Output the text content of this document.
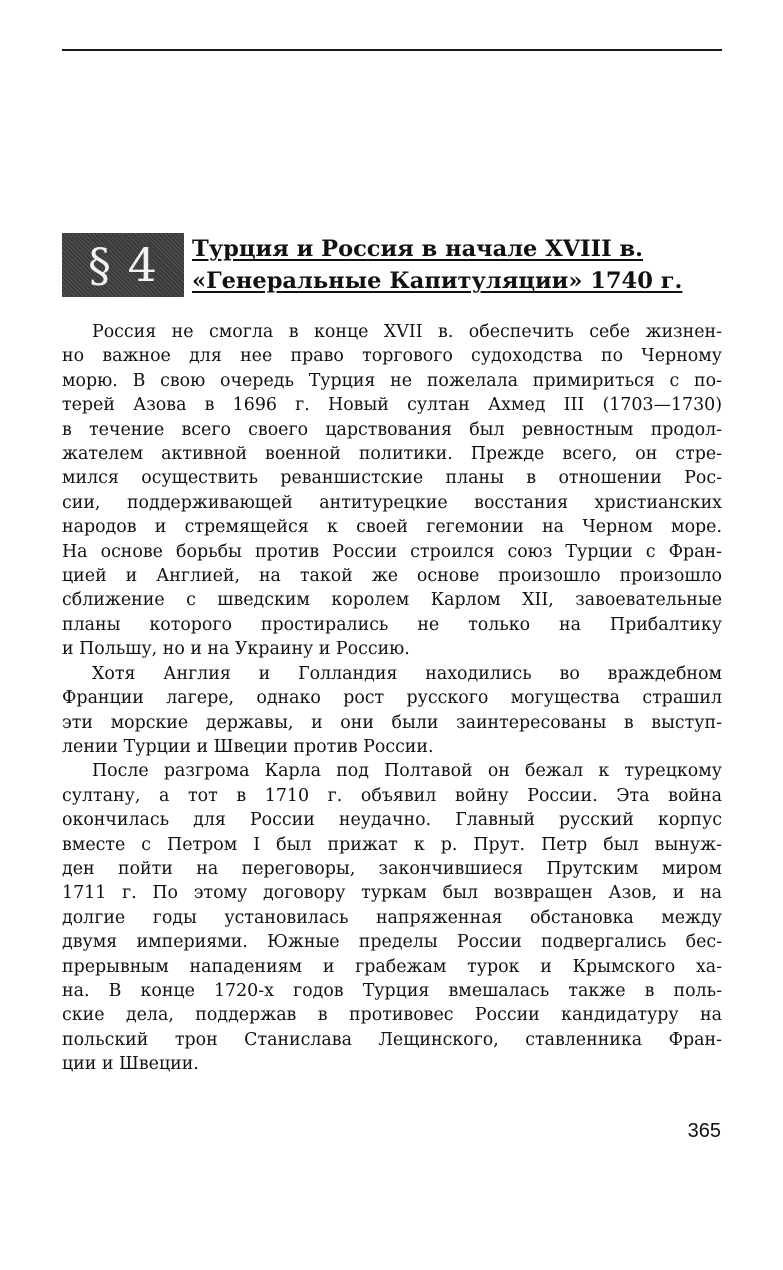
§ 4	Турция и Россия в начале XVIII в.
«Генеральные Капитуляции» 1740 г.
Россия не смогла в конце XVII в. обеспечить себе жизнен-
но важное для нее право торгового судоходства по Черному
морю. В свою очередь Турция не пожелала примириться с по-
терей Азова в 1696 г. Новый султан Ахмед III (1703—1730)
в течение всего своего царствования был ревностным продол-
жателем активной военной политики. Прежде всего, он стре-
мился осуществить реваншистские планы в отношении Рос-
сии, поддерживающей антитурецкие восстания христианских
народов и стремящейся к своей гегемонии на Черном море.
На основе борьбы против России строился союз Турции с Фран-
цией и Англией, на такой же основе произошло произошло
сближение с шведским королем Карлом XII, завоевательные
планы которого простирались не только на Прибалтику
и Польшу, но и на Украину и Россию.
Хотя Англия и Голландия находились во враждебном
Франции лагере, однако рост русского могущества страшил
эти морские державы, и они были заинтересованы в выступ-
лении Турции и Швеции против России.
После разгрома Карла под Полтавой он бежал к турецкому
султану, а тот в 1710 г. объявил войну России. Эта война
окончилась для России неудачно. Главный русский корпус
вместе с Петром I был прижат к р. Прут. Петр был вынуж-
ден пойти на переговоры, закончившиеся Прутским миром
1711 г. По этому договору туркам был возвращен Азов, и на
долгие годы установилась напряженная обстановка между
двумя империями. Южные пределы России подвергались бес-
прерывным нападениям и грабежам турок и Крымского ха-
на. В конце 1720-х годов Турция вмешалась также в поль-
ские дела, поддержав в противовес России кандидатуру на
польский трон Станислава Лещинского, ставленника Фран-
ции и Швеции.
365
